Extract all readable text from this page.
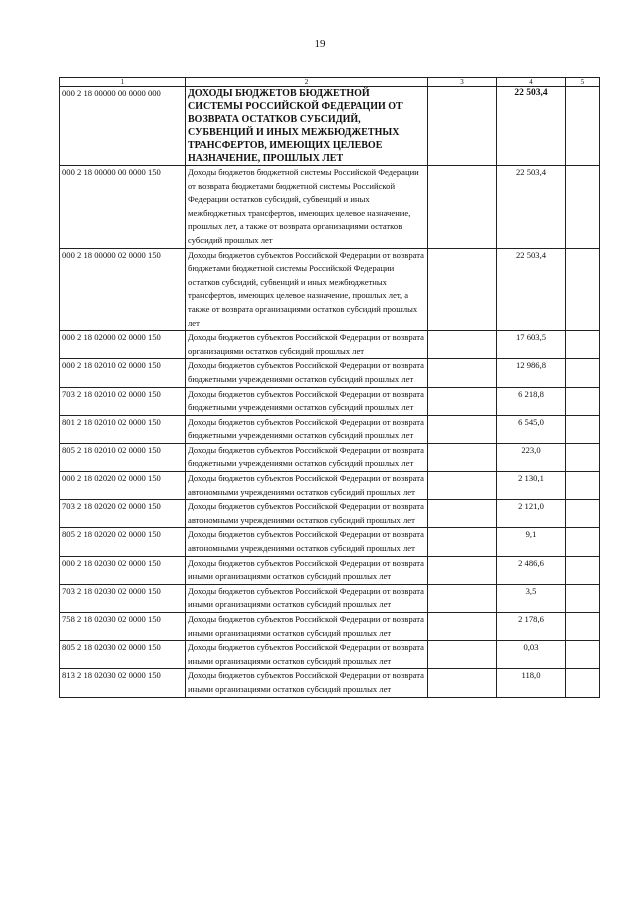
19
1	2	3	4	5
000 2 18 00000 00 0000 000	ДОХОДЫ БЮДЖЕТОВ БЮДЖЕТНОЙ СИСТЕМЫ РОССИЙСКОЙ ФЕДЕРАЦИИ ОТ ВОЗВРАТА ОСТАТКОВ СУБСИДИЙ, СУБВЕНЦИЙ И ИНЫХ МЕЖБЮДЖЕТНЫХ ТРАНСФЕРТОВ, ИМЕЮЩИХ ЦЕЛЕВОЕ НАЗНАЧЕНИЕ, ПРОШЛЫХ ЛЕТ		22 503,4	
000 2 18 00000 00 0000 150	Доходы бюджетов бюджетной системы Российской Федерации от возврата бюджетами бюджетной системы Российской Федерации остатков субсидий, субвенций и иных межбюджетных трансфертов, имеющих целевое назначение, прошлых лет, а также от возврата организациями остатков субсидий прошлых лет		22 503,4	
000 2 18 00000 02 0000 150	Доходы бюджетов субъектов Российской Федерации от возврата бюджетами бюджетной системы Российской Федерации остатков субсидий, субвенций и иных межбюджетных трансфертов, имеющих целевое назначение, прошлых лет, а также от возврата организациями остатков субсидий прошлых лет		22 503,4	
000 2 18 02000 02 0000 150	Доходы бюджетов субъектов Российской Федерации от возврата организациями остатков субсидий прошлых лет		17 603,5	
000 2 18 02010 02 0000 150	Доходы бюджетов субъектов Российской Федерации от возврата бюджетными учреждениями остатков субсидий прошлых лет		12 986,8	
703 2 18 02010 02 0000 150	Доходы бюджетов субъектов Российской Федерации от возврата бюджетными учреждениями остатков субсидий прошлых лет		6 218,8	
801 2 18 02010 02 0000 150	Доходы бюджетов субъектов Российской Федерации от возврата бюджетными учреждениями остатков субсидий прошлых лет		6 545,0	
805 2 18 02010 02 0000 150	Доходы бюджетов субъектов Российской Федерации от возврата бюджетными учреждениями остатков субсидий прошлых лет		223,0	
000 2 18 02020 02 0000 150	Доходы бюджетов субъектов Российской Федерации от возврата автономными учреждениями остатков субсидий прошлых лет		2 130,1	
703 2 18 02020 02 0000 150	Доходы бюджетов субъектов Российской Федерации от возврата автономными учреждениями остатков субсидий прошлых лет		2 121,0	
805 2 18 02020 02 0000 150	Доходы бюджетов субъектов Российской Федерации от возврата автономными учреждениями остатков субсидий прошлых лет		9,1	
000 2 18 02030 02 0000 150	Доходы бюджетов субъектов Российской Федерации от возврата иными организациями остатков субсидий прошлых лет		2 486,6	
703 2 18 02030 02 0000 150	Доходы бюджетов субъектов Российской Федерации от возврата иными организациями остатков субсидий прошлых лет		3,5	
758 2 18 02030 02 0000 150	Доходы бюджетов субъектов Российской Федерации от возврата иными организациями остатков субсидий прошлых лет		2 178,6	
805 2 18 02030 02 0000 150	Доходы бюджетов субъектов Российской Федерации от возврата иными организациями остатков субсидий прошлых лет		0,03	
813 2 18 02030 02 0000 150	Доходы бюджетов субъектов Российской Федерации от возврата иными организациями остатков субсидий прошлых лет		118,0	
